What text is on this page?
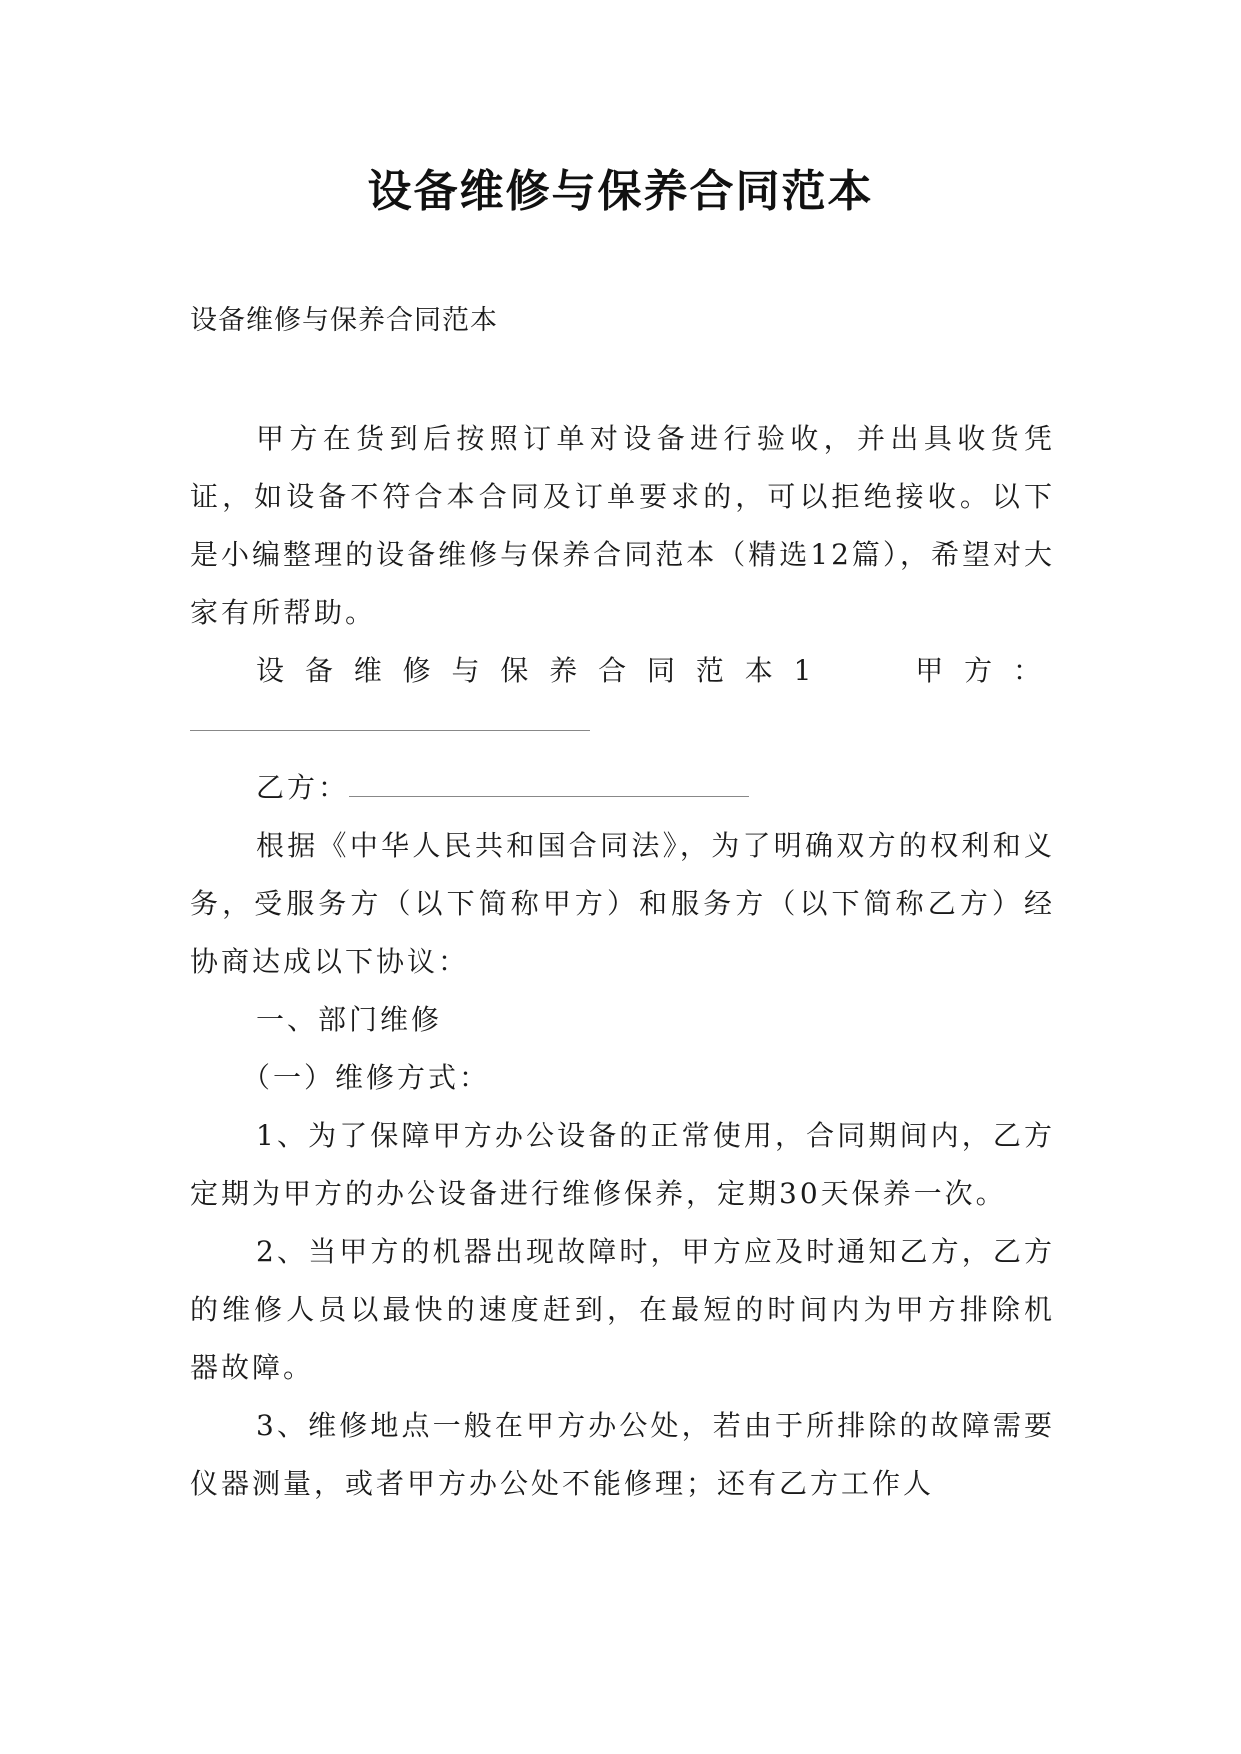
设备维修与保养合同范本
设备维修与保养合同范本

甲方在货到后按照订单对设备进行验收，并出具收货凭证，如设备不符合本合同及订单要求的，可以拒绝接收。以下是小编整理的设备维修与保养合同范本（精选12篇），希望对大家有所帮助。

设备维修与保养合同范本1	甲方：

乙方：

根据《中华人民共和国合同法》，为了明确双方的权利和义务，受服务方（以下简称甲方）和服务方（以下简称乙方）经协商达成以下协议：

一、部门维修

（一）维修方式：

1、为了保障甲方办公设备的正常使用，合同期间内，乙方定期为甲方的办公设备进行维修保养，定期30天保养一次。

2、当甲方的机器出现故障时，甲方应及时通知乙方，乙方的维修人员以最快的速度赶到，在最短的时间内为甲方排除机器故障。

3、维修地点一般在甲方办公处，若由于所排除的故障需要仪器测量，或者甲方办公处不能修理；还有乙方工作人
